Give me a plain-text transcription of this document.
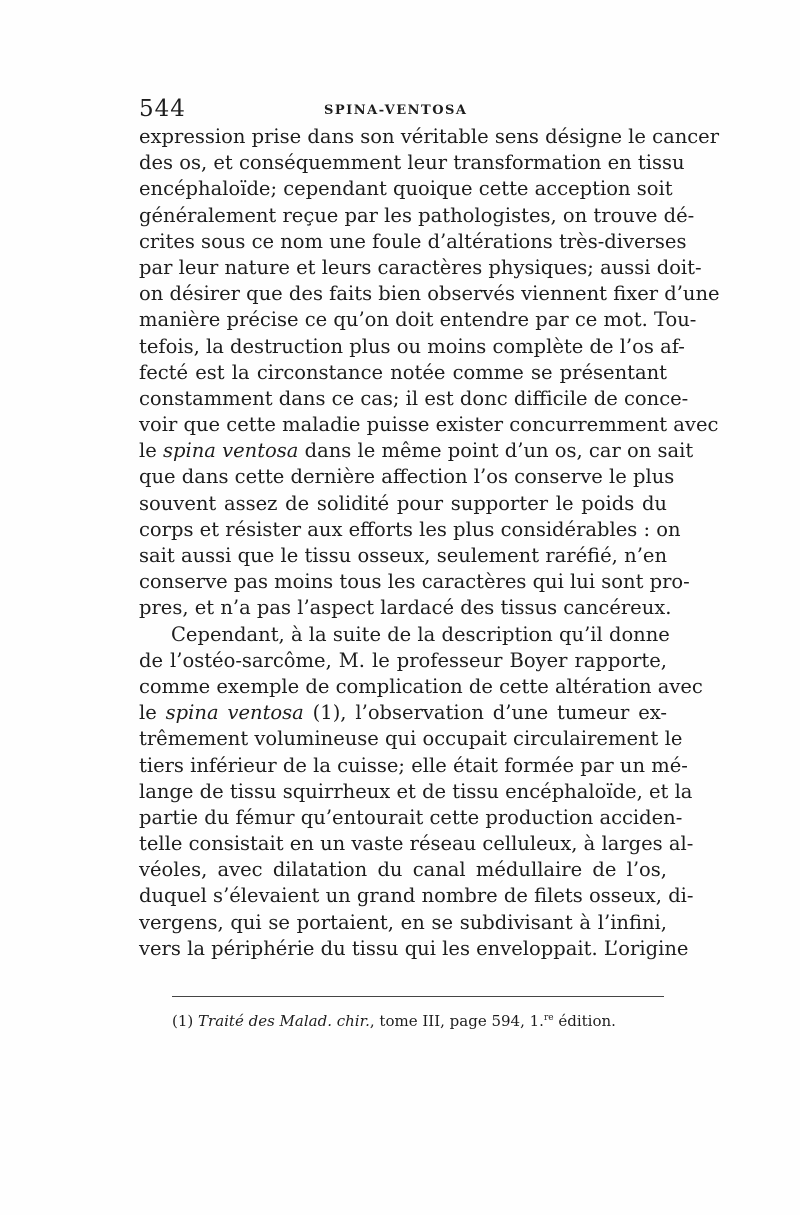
544	SPINA-VENTOSA
expression prise dans son véritable sens désigne le cancer
des os, et conséquemment leur transformation en tissu
encéphaloïde; cependant quoique cette acception soit
généralement reçue par les pathologistes, on trouve dé-
crites sous ce nom une foule d’altérations très-diverses
par leur nature et leurs caractères physiques; aussi doit-
on désirer que des faits bien observés viennent fixer d’une
manière précise ce qu’on doit entendre par ce mot. Tou-
tefois, la destruction plus ou moins complète de l’os af-
fecté est la circonstance notée comme se présentant
constamment dans ce cas; il est donc difficile de conce-
voir que cette maladie puisse exister concurremment avec
le spina ventosa dans le même point d’un os, car on sait
que dans cette dernière affection l’os conserve le plus
souvent assez de solidité pour supporter le poids du
corps et résister aux efforts les plus considérables : on
sait aussi que le tissu osseux, seulement raréfié, n’en
conserve pas moins tous les caractères qui lui sont pro-
pres, et n’a pas l’aspect lardacé des tissus cancéreux.
Cependant, à la suite de la description qu’il donne
de l’ostéo-sarcôme, M. le professeur Boyer rapporte,
comme exemple de complication de cette altération avec
le spina ventosa (1), l’observation d’une tumeur ex-
trêmement volumineuse qui occupait circulairement le
tiers inférieur de la cuisse; elle était formée par un mé-
lange de tissu squirrheux et de tissu encéphaloïde, et la
partie du fémur qu’entourait cette production acciden-
telle consistait en un vaste réseau celluleux, à larges al-
véoles, avec dilatation du canal médullaire de l’os,
duquel s’élevaient un grand nombre de filets osseux, di-
vergens, qui se portaient, en se subdivisant à l’infini,
vers la périphérie du tissu qui les enveloppait. L’origine
(1) Traité des Malad. chir., tome III, page 594, 1.$^{re}$ édition.
